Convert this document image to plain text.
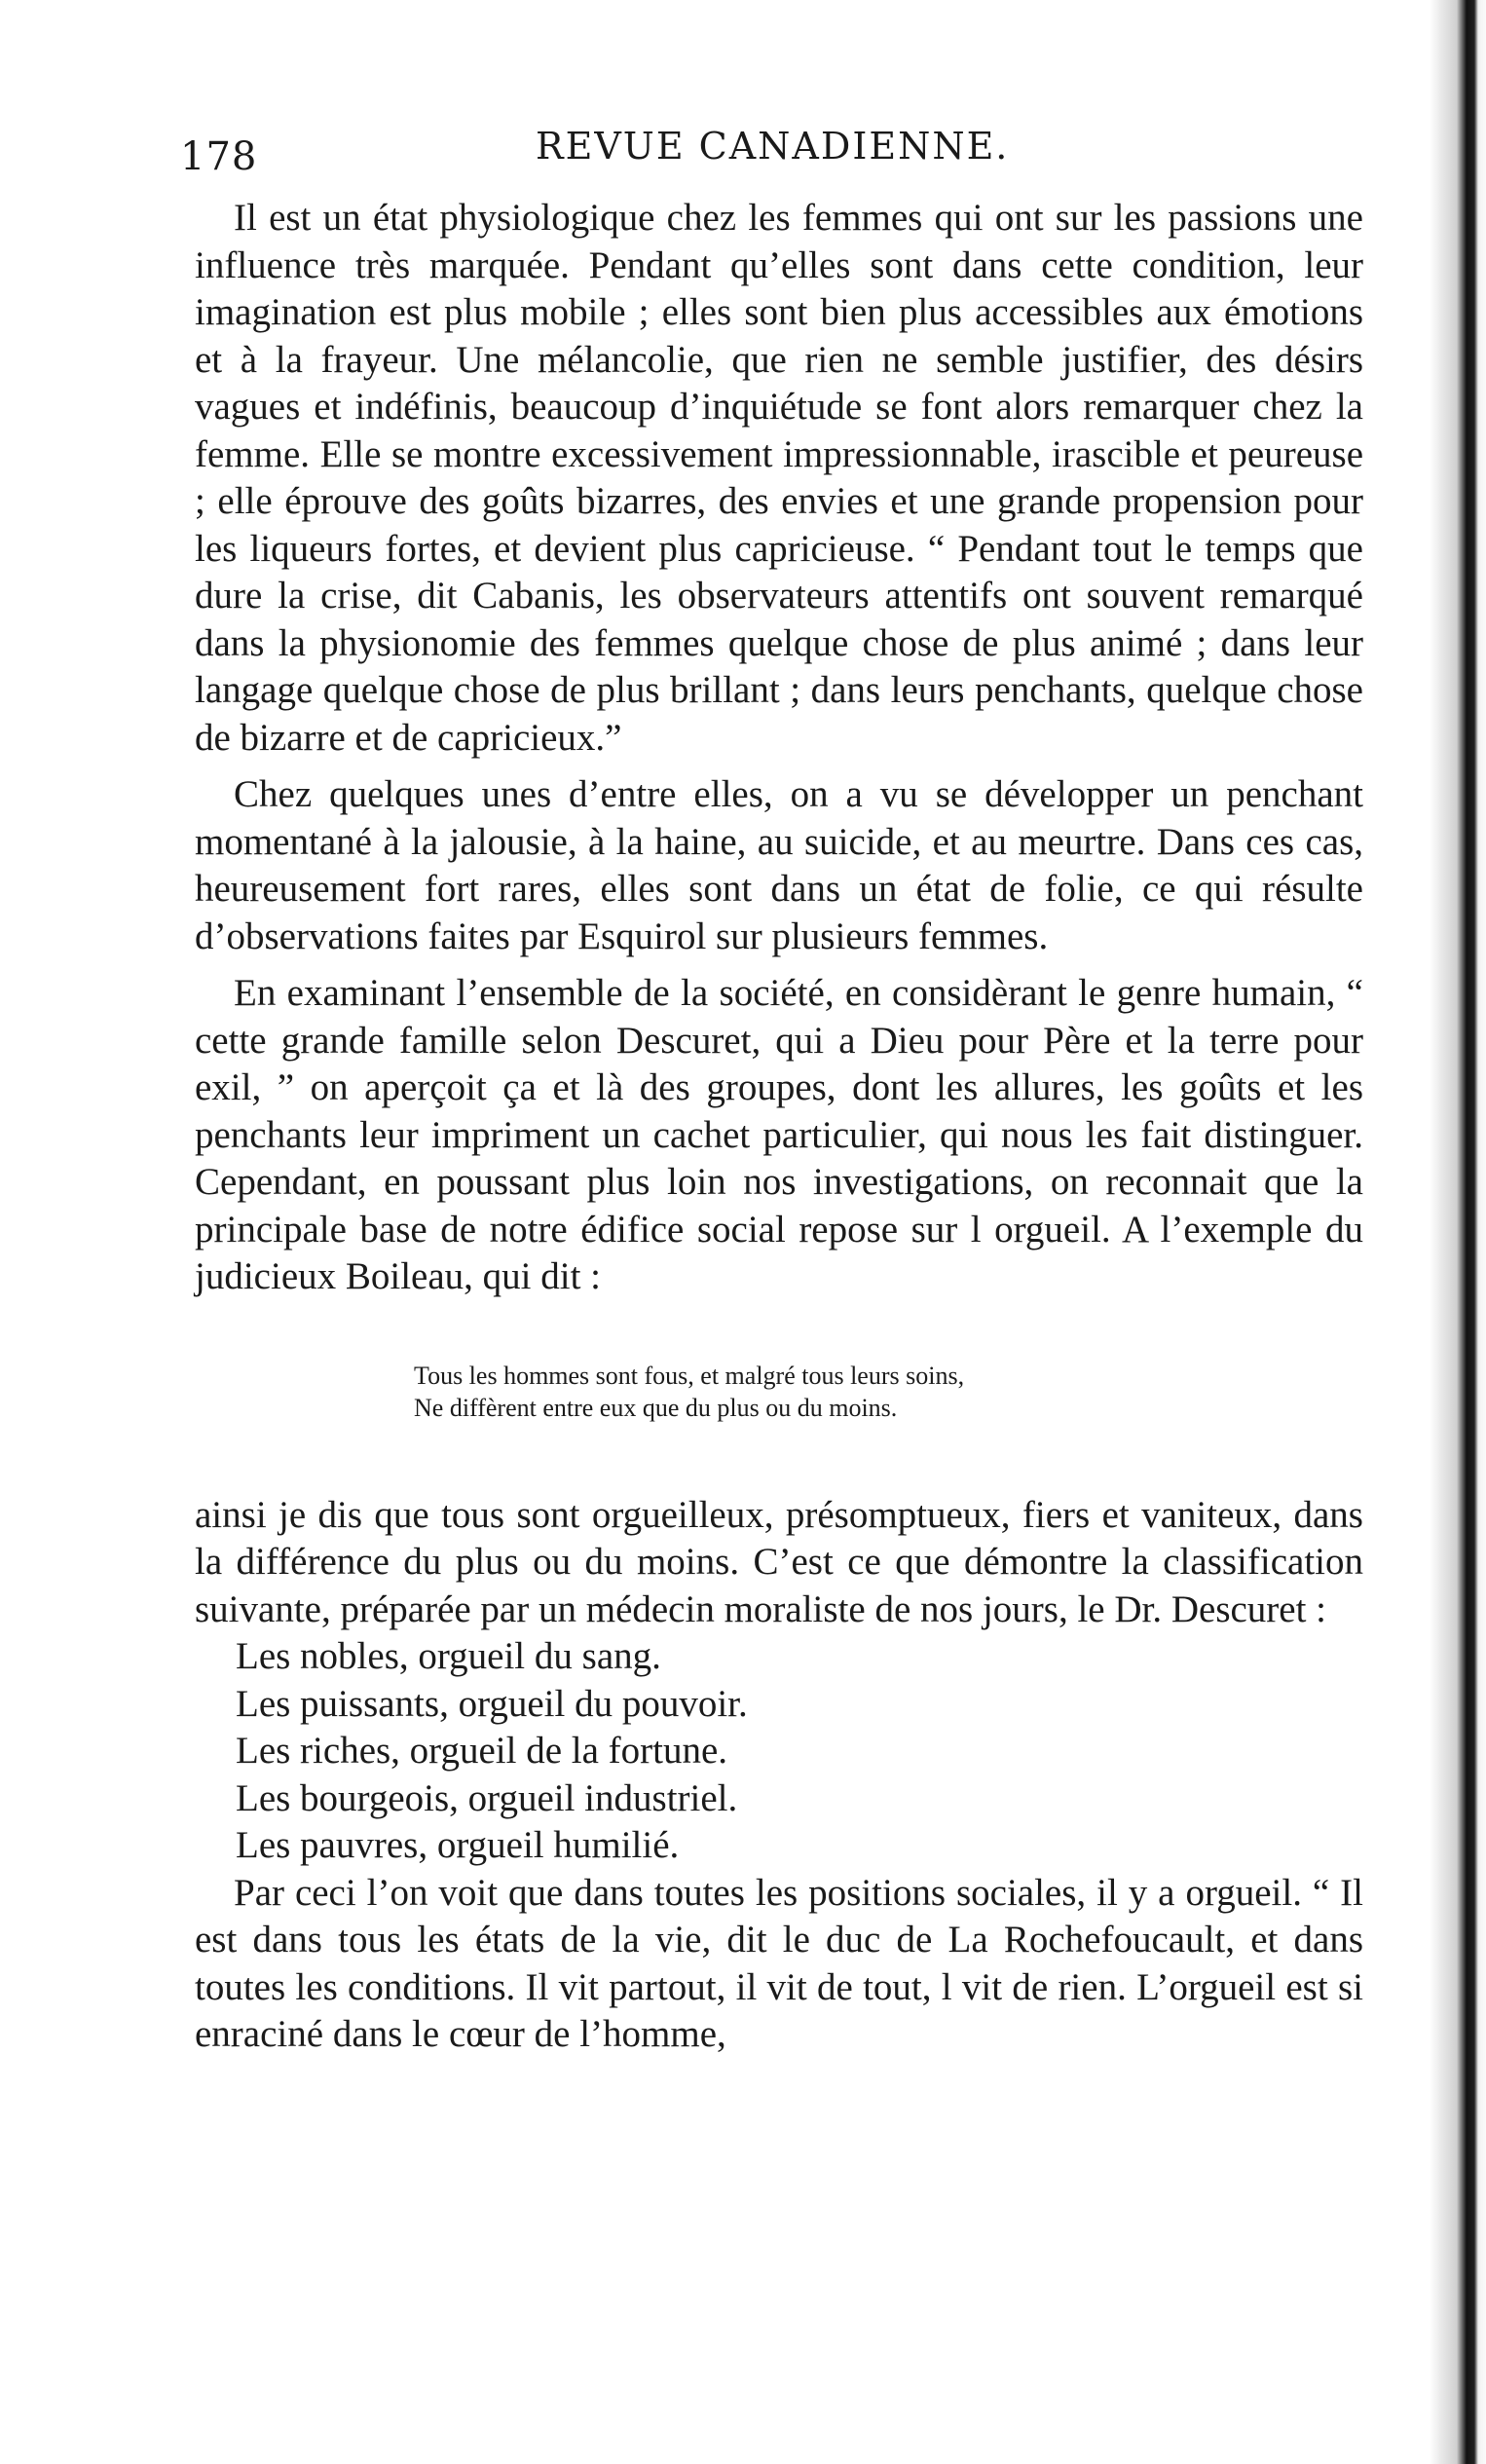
178	REVUE CANADIENNE.

Il est un état physiologique chez les femmes qui ont sur les passions une influence très marquée. Pendant qu’elles sont dans cette condition, leur imagination est plus mobile ; elles sont bien plus accessibles aux émotions et à la frayeur. Une mélancolie, que rien ne semble justifier, des désirs vagues et indéfinis, beaucoup d’inquiétude se font alors remarquer chez la femme. Elle se montre excessivement impressionnable, irascible et peureuse ; elle éprouve des goûts bizarres, des envies et une grande propension pour les liqueurs fortes, et devient plus capricieuse. “ Pendant tout le temps que dure la crise, dit Cabanis, les observateurs attentifs ont souvent remarqué dans la physionomie des femmes quelque chose de plus animé ; dans leur langage quelque chose de plus brillant ; dans leurs penchants, quelque chose de bizarre et de capricieux.”

Chez quelques unes d’entre elles, on a vu se développer un penchant momentané à la jalousie, à la haine, au suicide, et au meurtre. Dans ces cas, heureusement fort rares, elles sont dans un état de folie, ce qui résulte d’observations faites par Esquirol sur plusieurs femmes.

En examinant l’ensemble de la société, en considèrant le genre humain, “ cette grande famille selon Descuret, qui a Dieu pour Père et la terre pour exil, ” on aperçoit ça et là des groupes, dont les allures, les goûts et les penchants leur impriment un cachet particulier, qui nous les fait distinguer. Cependant, en poussant plus loin nos investigations, on reconnait que la principale base de notre édifice social repose sur l orgueil. A l’exemple du judicieux Boileau, qui dit :

Tous les hommes sont fous, et malgré tous leurs soins,
Ne diffèrent entre eux que du plus ou du moins.

ainsi je dis que tous sont orgueilleux, présomptueux, fiers et vaniteux, dans la différence du plus ou du moins. C’est ce que démontre la classification suivante, préparée par un médecin moraliste de nos jours, le Dr. Descuret :

Les nobles, orgueil du sang.
Les puissants, orgueil du pouvoir.
Les riches, orgueil de la fortune.
Les bourgeois, orgueil industriel.
Les pauvres, orgueil humilié.

Par ceci l’on voit que dans toutes les positions sociales, il y a orgueil. “ Il est dans tous les états de la vie, dit le duc de La Rochefoucault, et dans toutes les conditions. Il vit partout, il vit de tout, l vit de rien. L’orgueil est si enraciné dans le cœur de l’homme,
